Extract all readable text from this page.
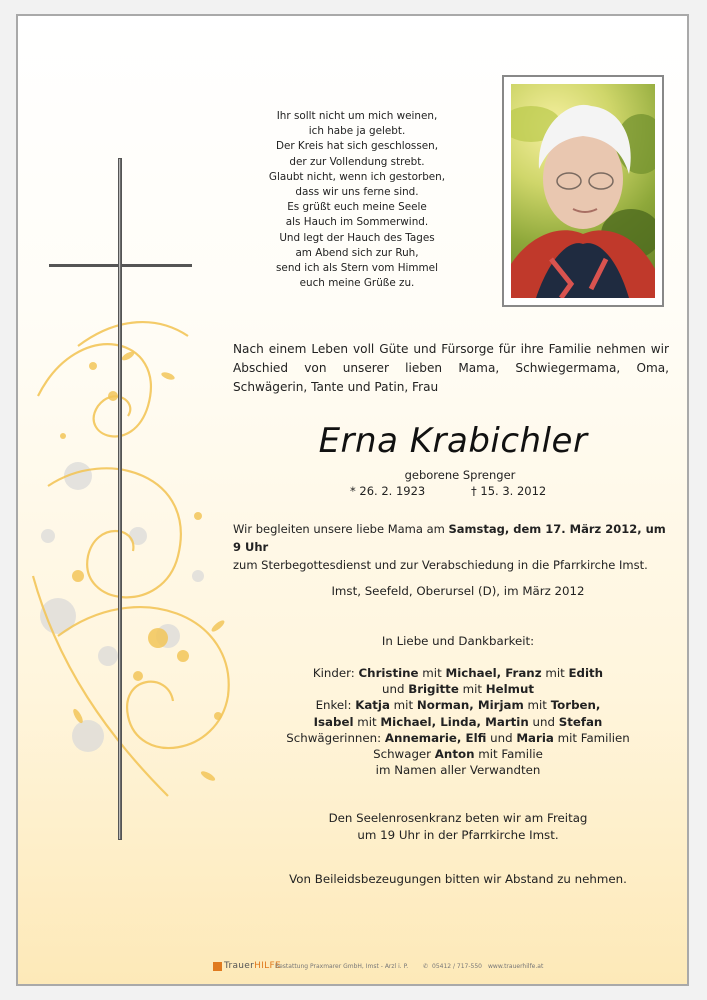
Ihr sollt nicht um mich weinen,
ich habe ja gelebt.
Der Kreis hat sich geschlossen,
der zur Vollendung strebt.
Glaubt nicht, wenn ich gestorben,
dass wir uns ferne sind.
Es grüßt euch meine Seele
als Hauch im Sommerwind.
Und legt der Hauch des Tages
am Abend sich zur Ruh,
send ich als Stern vom Himmel
euch meine Grüße zu.
Nach einem Leben voll Güte und Fürsorge für ihre Familie nehmen wir Abschied von unserer lieben Mama, Schwiegermama, Oma, Schwägerin, Tante und Patin, Frau
Erna Krabichler
geborene Sprenger
* 26. 2. 1923	† 15. 3. 2012
Wir begleiten unsere liebe Mama am Samstag, dem 17. März 2012, um 9 Uhr
zum Sterbegottesdienst und zur Verabschiedung in die Pfarrkirche Imst.
Imst, Seefeld, Oberursel (D), im März 2012
In Liebe und Dankbarkeit:
Kinder: Christine mit Michael, Franz mit Edith
und Brigitte mit Helmut
Enkel: Katja mit Norman, Mirjam mit Torben,
Isabel mit Michael, Linda, Martin und Stefan
Schwägerinnen: Annemarie, Elfi und Maria mit Familien
Schwager Anton mit Familie
im Namen aller Verwandten
Den Seelenrosenkranz beten wir am Freitag
um 19 Uhr in der Pfarrkirche Imst.
Von Beileidsbezeugungen bitten wir Abstand zu nehmen.
TrauerHILFE
Bestattung Praxmarer GmbH, Imst - Arzl i. P. ✆ 05412 / 717-550 www.trauerhilfe.at
